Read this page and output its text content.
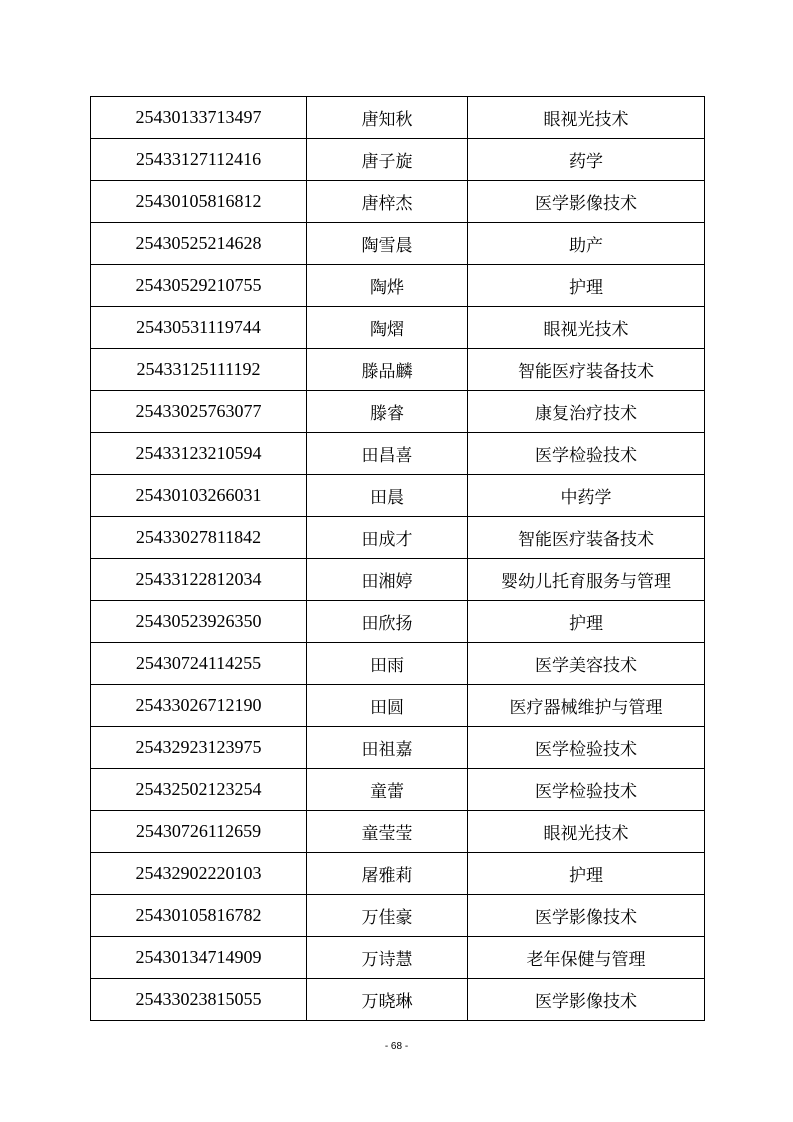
25430133713497	唐知秋	眼视光技术
25433127112416	唐子旋	药学
25430105816812	唐梓杰	医学影像技术
25430525214628	陶雪晨	助产
25430529210755	陶烨	护理
25430531119744	陶熠	眼视光技术
25433125111192	滕品麟	智能医疗装备技术
25433025763077	滕睿	康复治疗技术
25433123210594	田昌喜	医学检验技术
25430103266031	田晨	中药学
25433027811842	田成才	智能医疗装备技术
25433122812034	田湘婷	婴幼儿托育服务与管理
25430523926350	田欣扬	护理
25430724114255	田雨	医学美容技术
25433026712190	田圆	医疗器械维护与管理
25432923123975	田祖嘉	医学检验技术
25432502123254	童蕾	医学检验技术
25430726112659	童莹莹	眼视光技术
25432902220103	屠雅莉	护理
25430105816782	万佳豪	医学影像技术
25430134714909	万诗慧	老年保健与管理
25433023815055	万晓琳	医学影像技术
- 68 -
